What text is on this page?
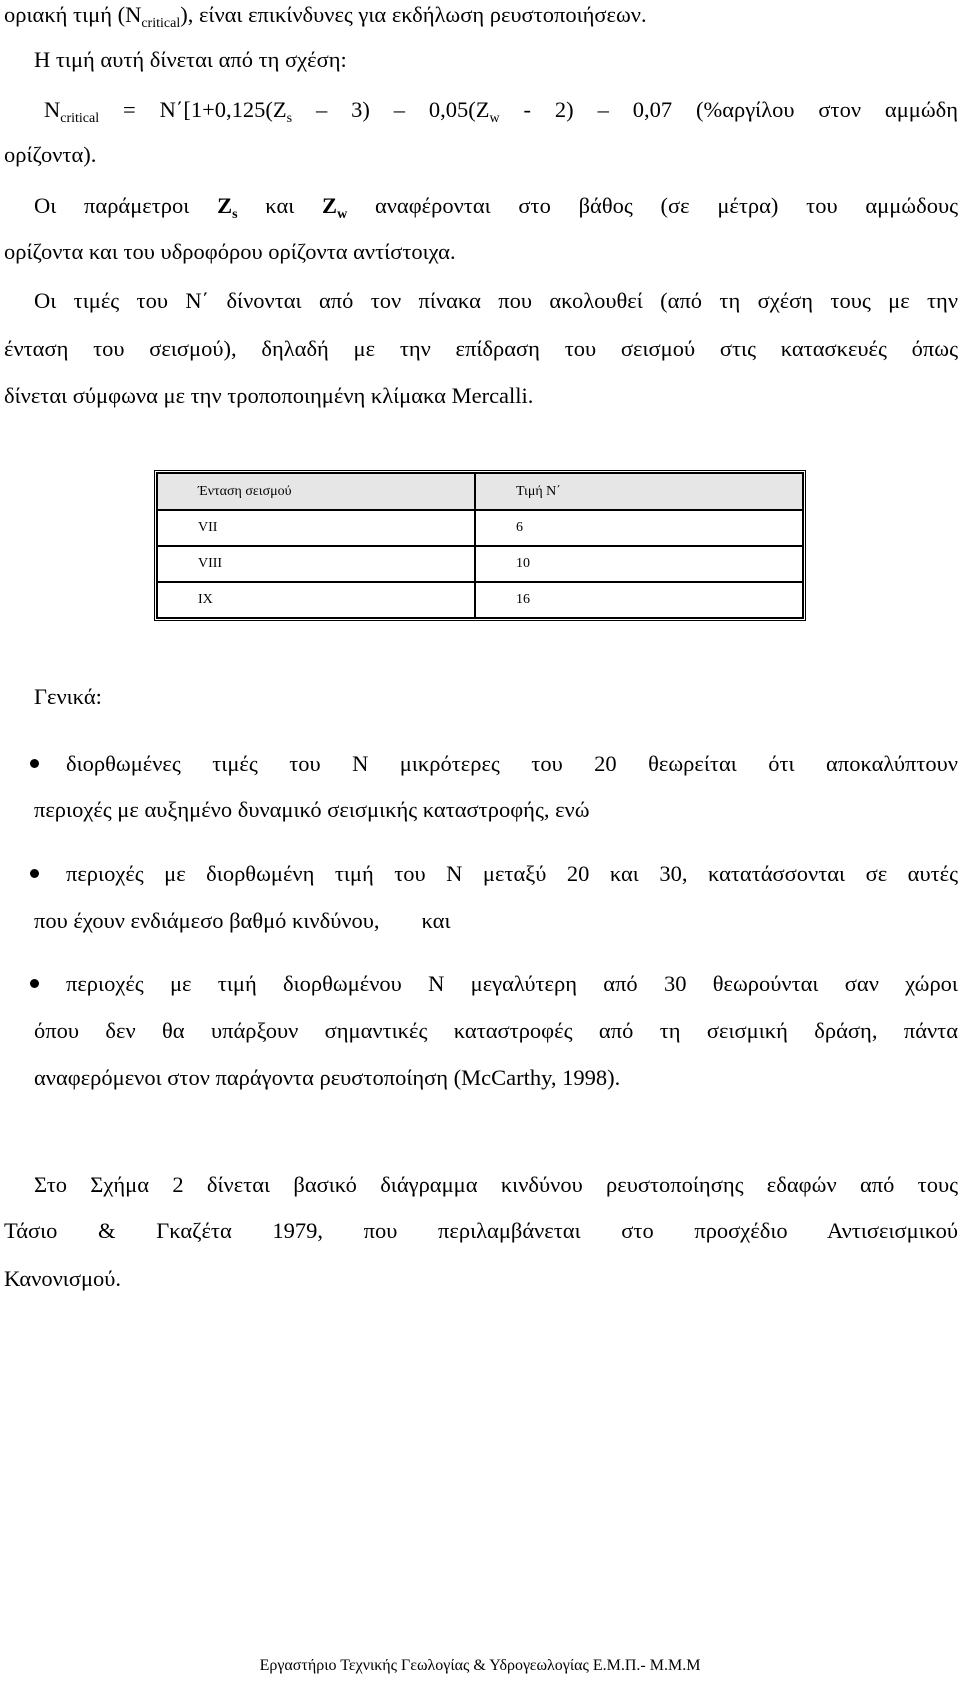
οριακή τιμή $(N_{critical})$, είναι επικίνδυνες για εκδήλωση ρευστοποιήσεων.
Η τιμή αυτή δίνεται από τη σχέση:
$N_{critical} = N΄[1+0,125(Z_s - 3) - 0,05(Z_w - 2) - 0,07$ (%αργίλου στον αμμώδη
ορίζοντα).
Οι παράμετροι $Z_s$ και $Z_w$ αναφέρονται στο βάθος (σε μέτρα) του αμμώδους
ορίζοντα και του υδροφόρου ορίζοντα αντίστοιχα.
Οι τιμές του N΄ δίνονται από τον πίνακα που ακολουθεί (από τη σχέση τους με την
ένταση του σεισμού), δηλαδή με την επίδραση του σεισμού στις κατασκευές όπως
δίνεται σύμφωνα με την τροποποιημένη κλίμακα Mercalli.
Ένταση σεισμού	Τιμή N΄
VII	6
VIII	10
IX	16
Γενικά:
διορθωμένες τιμές του N μικρότερες του 20 θεωρείται ότι αποκαλύπτουν
περιοχές με αυξημένο δυναμικό σεισμικής καταστροφής, ενώ
περιοχές με διορθωμένη τιμή του N μεταξύ 20 και 30, κατατάσσονται σε αυτές
που έχουν ενδιάμεσο βαθμό κινδύνου, και
περιοχές με τιμή διορθωμένου N μεγαλύτερη από 30 θεωρούνται σαν χώροι
όπου δεν θα υπάρξουν σημαντικές καταστροφές από τη σεισμική δράση, πάντα
αναφερόμενοι στον παράγοντα ρευστοποίηση (McCarthy, 1998).
Στο Σχήμα 2 δίνεται βασικό διάγραμμα κινδύνου ρευστοποίησης εδαφών από τους
Τάσιο & Γκαζέτα 1979, που περιλαμβάνεται στο προσχέδιο Αντισεισμικού
Κανονισμού.
Εργαστήριο Τεχνικής Γεωλογίας & Υδρογεωλογίας Ε.Μ.Π.- Μ.Μ.Μ
